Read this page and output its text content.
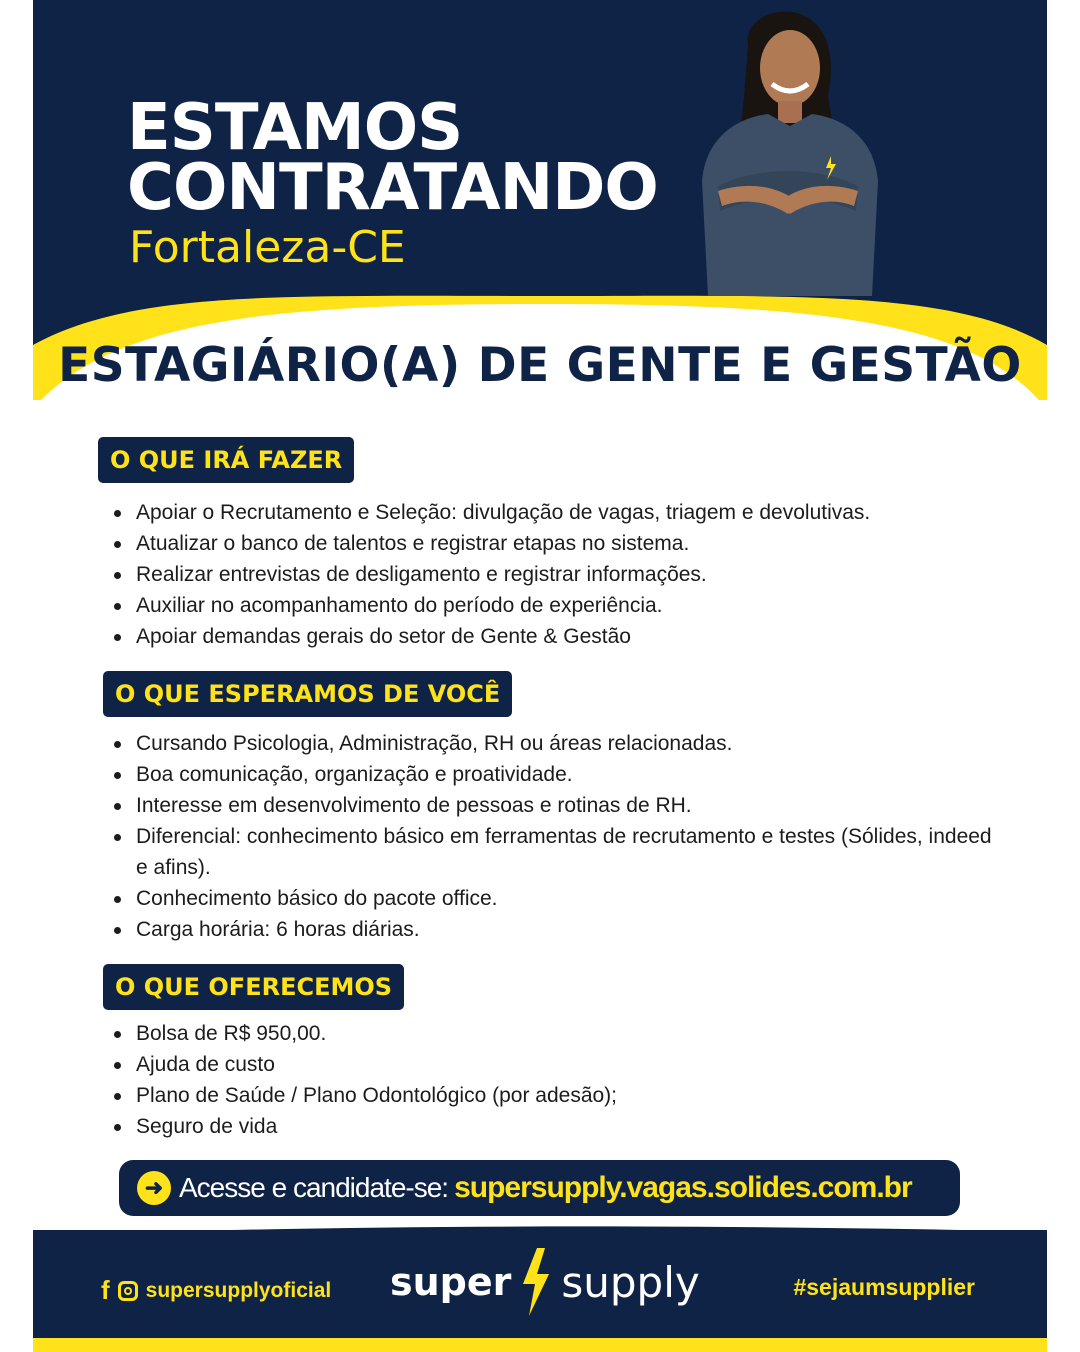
ESTAMOS
CONTRATANDO

Fortaleza-CE

ESTAGIÁRIO(A) DE GENTE E GESTÃO
O QUE IRÁ FAZER
Apoiar o Recrutamento e Seleção: divulgação de vagas, triagem e devolutivas.
Atualizar o banco de talentos e registrar etapas no sistema.
Realizar entrevistas de desligamento e registrar informações.
Auxiliar no acompanhamento do período de experiência.
Apoiar demandas gerais do setor de Gente & Gestão
O QUE ESPERAMOS DE VOCÊ
Cursando Psicologia, Administração, RH ou áreas relacionadas.
Boa comunicação, organização e proatividade.
Interesse em desenvolvimento de pessoas e rotinas de RH.
Diferencial: conhecimento básico em ferramentas de recrutamento e testes (Sólides, indeed e afins).
Conhecimento básico do pacote office.
Carga horária: 6 horas diárias.
O QUE OFERECEMOS
Bolsa de R$ 950,00.
Ajuda de custo
Plano de Saúde / Plano Odontológico (por adesão);
Seguro de vida
➜ Acesse e candidate-se: supersupply.vagas.solides.com.br
f supersupplyoficial super supply	#sejaumsupplier
